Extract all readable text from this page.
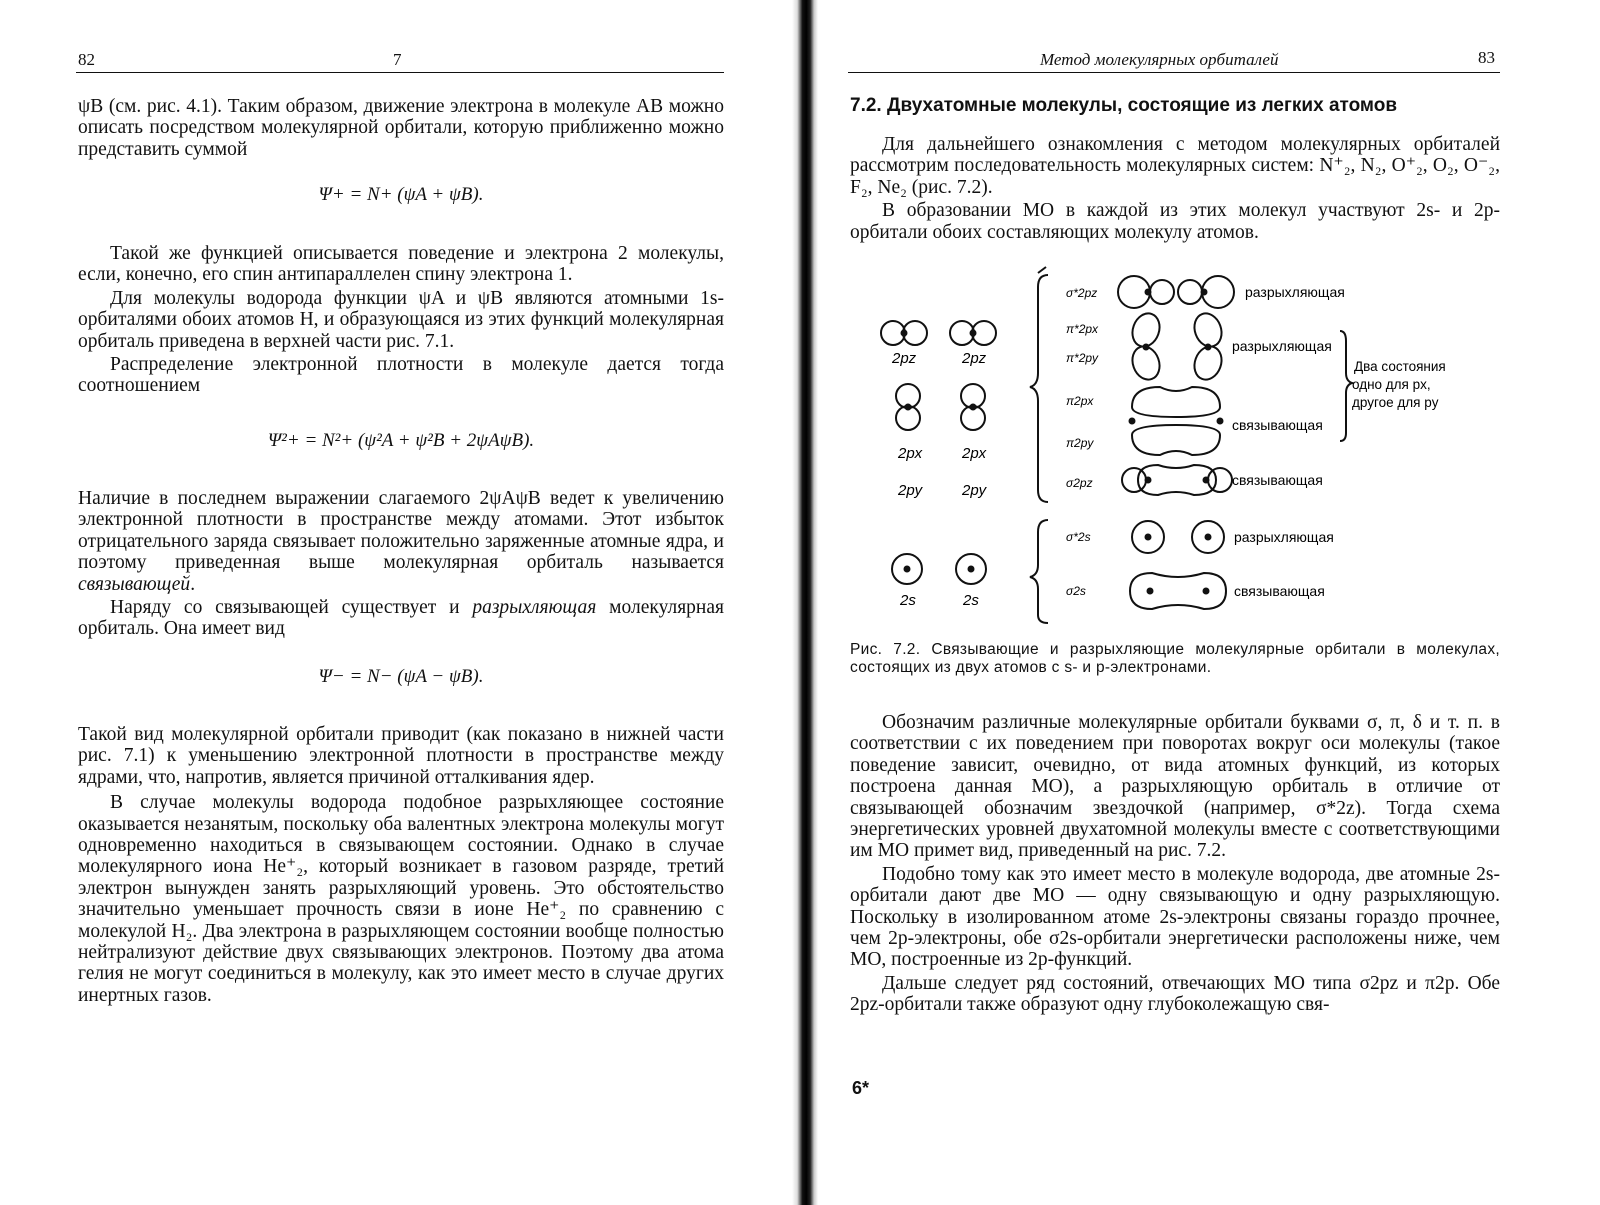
82	7

ψB (см. рис. 4.1). Таким образом, движение электрона в молекуле AB можно описать посредством молекулярной орбитали, которую приближенно можно представить суммой

Ψ+ = N+ (ψA + ψB).

Такой же функцией описывается поведение и электрона 2 молекулы, если, конечно, его спин антипараллелен спину электрона 1.

Для молекулы водорода функции ψA и ψB являются атомными 1s-орбиталями обоих атомов H, и образующаяся из этих функций молекулярная орбиталь приведена в верхней части рис. 7.1.

Распределение электронной плотности в молекуле дается тогда соотношением

Ψ²+ = N²+ (ψ²A + ψ²B + 2ψAψB).

Наличие в последнем выражении слагаемого 2ψAψB ведет к увеличению электронной плотности в пространстве между атомами. Этот избыток отрицательного заряда связывает положительно заряженные атомные ядра, и поэтому приведенная выше молекулярная орбиталь называется связывающей.

Наряду со связывающей существует и разрыхляющая молекулярная орбиталь. Она имеет вид

Ψ− = N− (ψA − ψB).

Такой вид молекулярной орбитали приводит (как показано в нижней части рис. 7.1) к уменьшению электронной плотности в пространстве между ядрами, что, напротив, является причиной отталкивания ядер.

В случае молекулы водорода подобное разрыхляющее состояние оказывается незанятым, поскольку оба валентных электрона молекулы могут одновременно находиться в связывающем состоянии. Однако в случае молекулярного иона He⁺₂, который возникает в газовом разряде, третий электрон вынужден занять разрыхляющий уровень. Это обстоятельство значительно уменьшает прочность связи в ионе He⁺₂ по сравнению с молекулой H₂. Два электрона в разрыхляющем состоянии вообще полностью нейтрализуют действие двух связывающих электронов. Поэтому два атома гелия не могут соединиться в молекулу, как это имеет место в случае других инертных газов.

Метод молекулярных орбиталей	83
7.2. Двухатомные молекулы, состоящие из легких атомов

Для дальнейшего ознакомления с методом молекулярных орбиталей рассмотрим последовательность молекулярных систем: N⁺₂, N₂, O⁺₂, O₂, O⁻₂, F₂, Ne₂ (рис. 7.2).

В образовании МО в каждой из этих молекул участвуют 2s- и 2p-орбитали обоих составляющих молекулу атомов.

2pz	2pz
2px	2px
2py	2py
2s	2s
σ*2pz
π*2px
π*2py
π2px
π2py
σ2pz
σ*2s
σ2s
разрыхляющая
разрыхляющая
связывающая
связывающая
разрыхляющая
связывающая
Два состояния
одно для px,
другое для py
Рис. 7.2. Связывающие и разрыхляющие молекулярные орбитали в молекулах, состоящих из двух атомов с s- и p-электронами.

Обозначим различные молекулярные орбитали буквами σ, π, δ и т. п. в соответствии с их поведением при поворотах вокруг оси молекулы (такое поведение зависит, очевидно, от вида атомных функций, из которых построена данная МО), а разрыхляющую орбиталь в отличие от связывающей обозначим звездочкой (например, σ*2z). Тогда схема энергетических уровней двухатомной молекулы вместе с соответствующими им МО примет вид, приведенный на рис. 7.2.

Подобно тому как это имеет место в молекуле водорода, две атомные 2s-орбитали дают две МО — одну связывающую и одну разрыхляющую. Поскольку в изолированном атоме 2s-электроны связаны гораздо прочнее, чем 2p-электроны, обе σ2s-орбитали энергетически расположены ниже, чем МО, построенные из 2p-функций.

Дальше следует ряд состояний, отвечающих МО типа σ2pz и π2p. Обе 2pz-орбитали также образуют одну глубоколежащую свя-

6*
